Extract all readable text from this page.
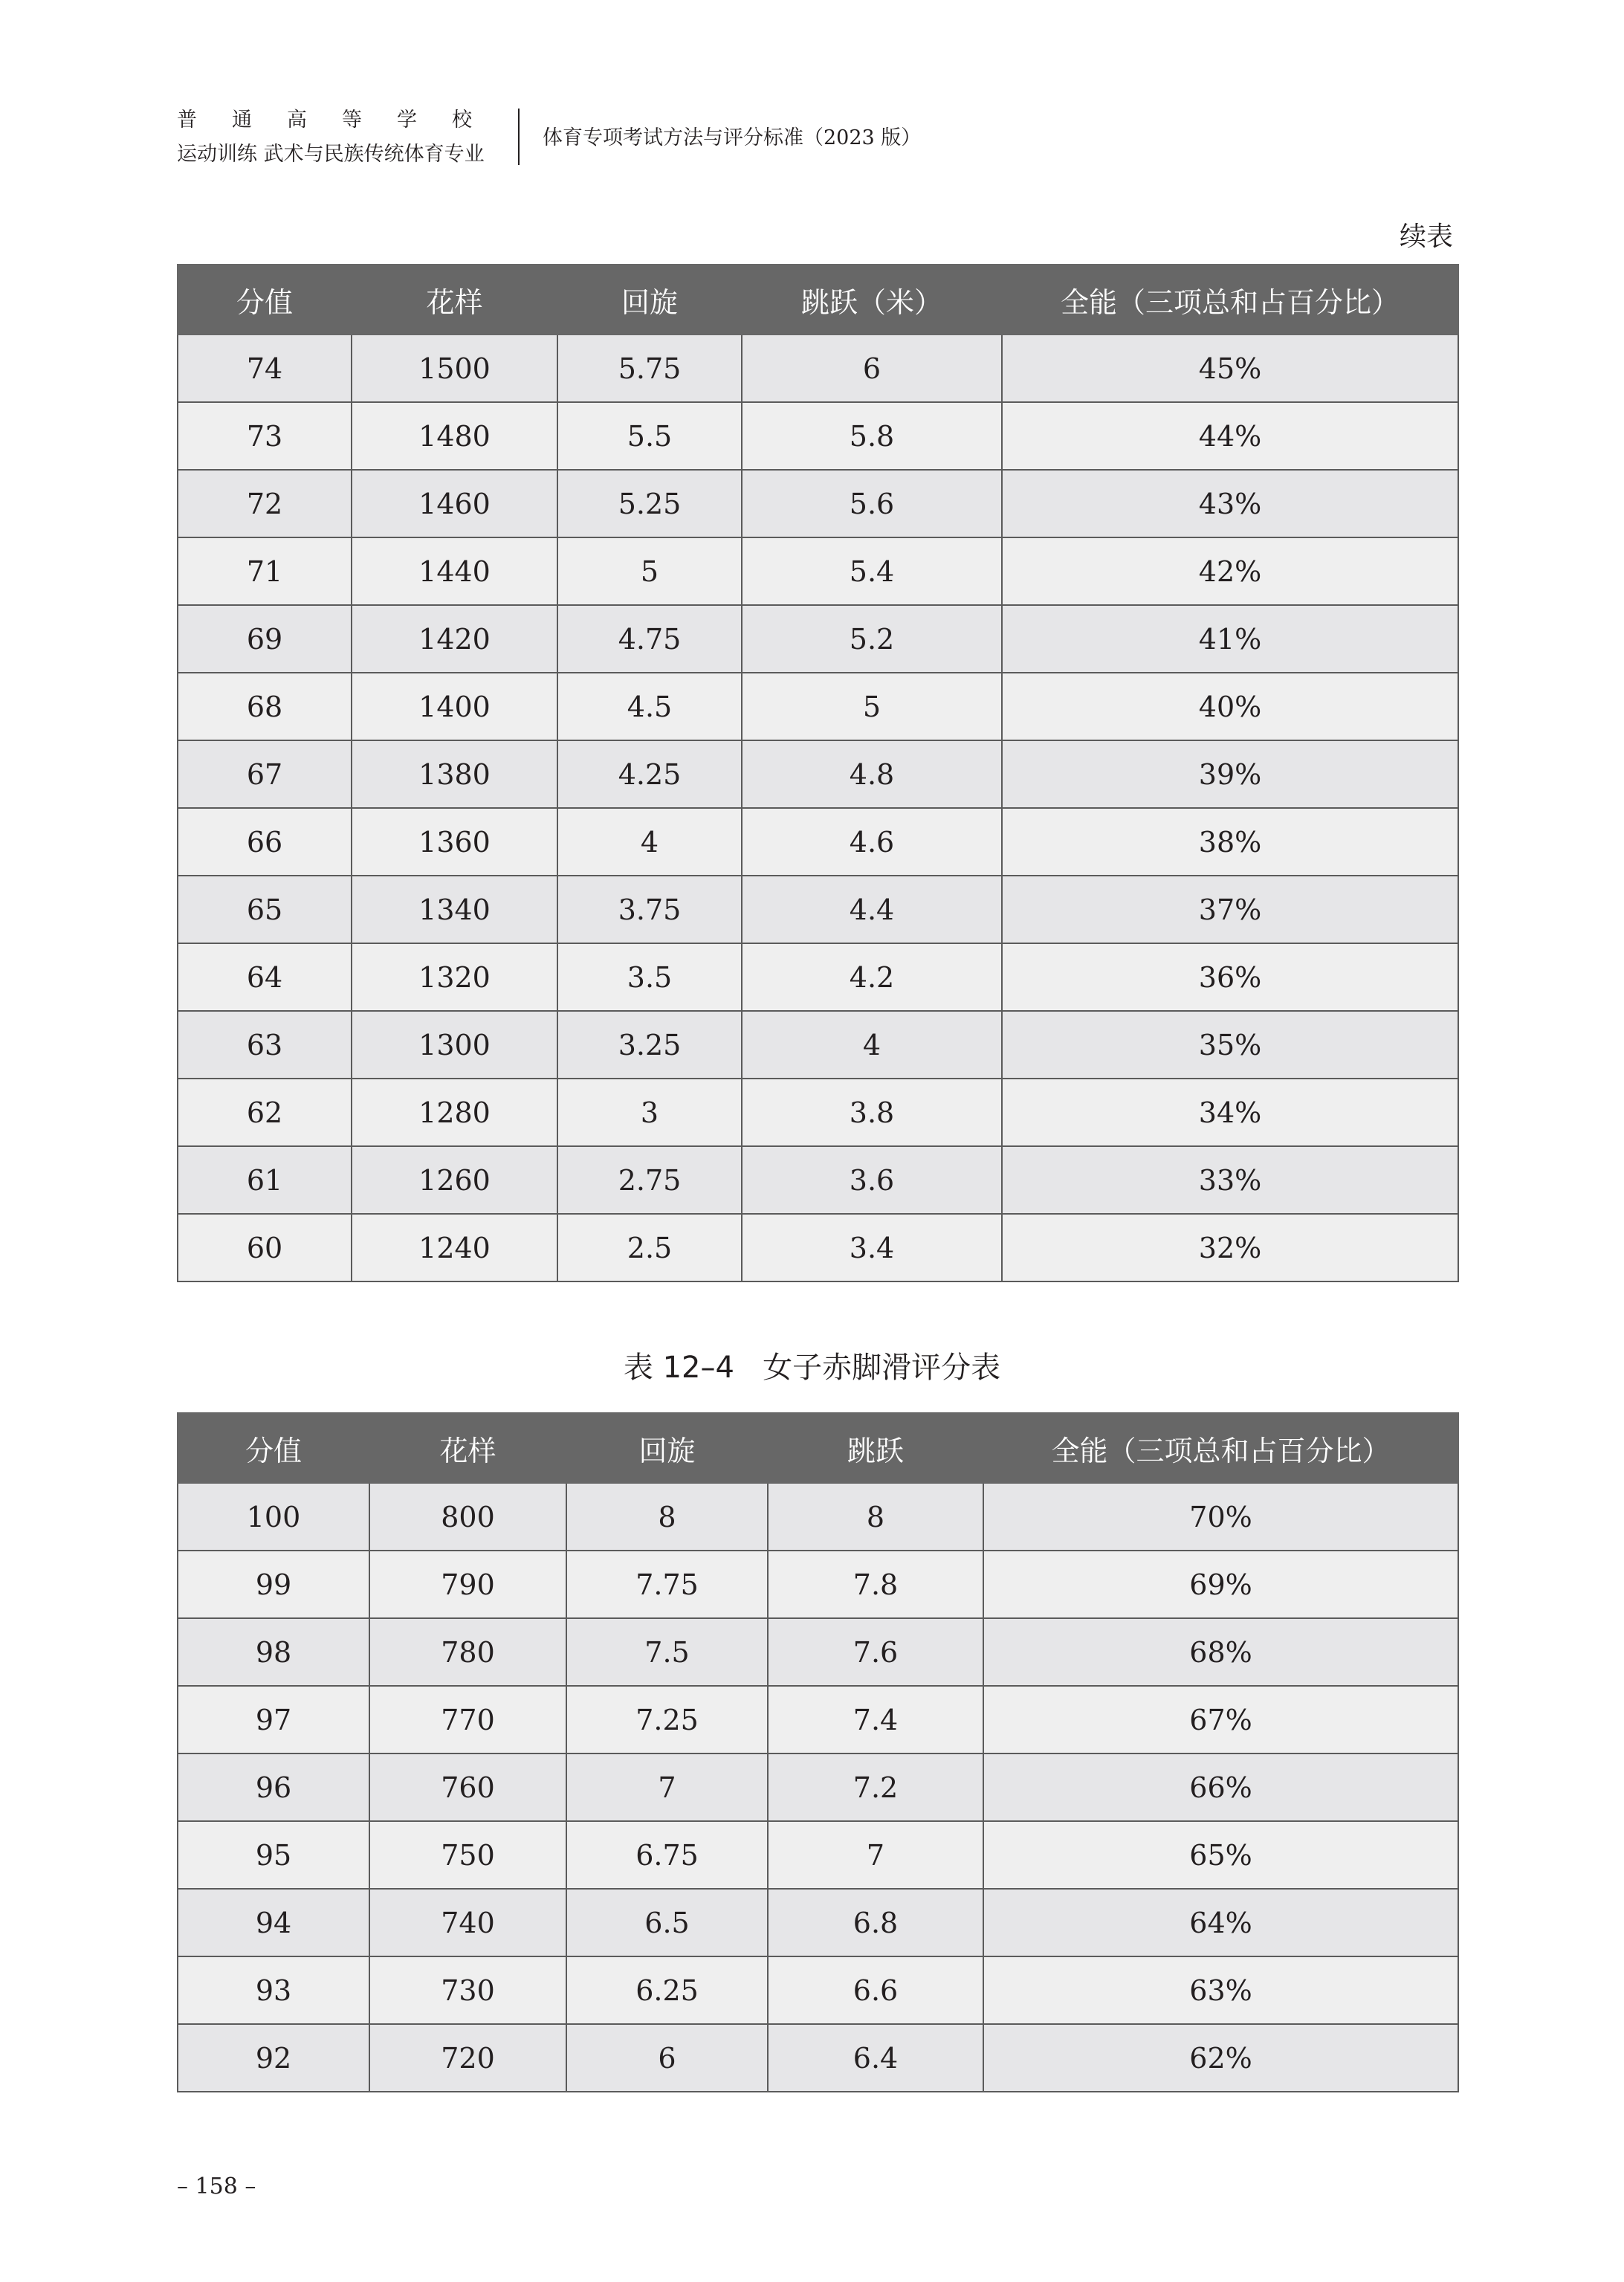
普通高等学校
运动训练 武术与民族传统体育专业
体育专项考试方法与评分标准（2023 版）
续表
分值	花样	回旋	跳跃（米）	全能（三项总和占百分比）
74	1500	5.75	6	45%
73	1480	5.5	5.8	44%
72	1460	5.25	5.6	43%
71	1440	5	5.4	42%
69	1420	4.75	5.2	41%
68	1400	4.5	5	40%
67	1380	4.25	4.8	39%
66	1360	4	4.6	38%
65	1340	3.75	4.4	37%
64	1320	3.5	4.2	36%
63	1300	3.25	4	35%
62	1280	3	3.8	34%
61	1260	2.75	3.6	33%
60	1240	2.5	3.4	32%
表 12–4 女子赤脚滑评分表
分值	花样	回旋	跳跃	全能（三项总和占百分比）
100	800	8	8	70%
99	790	7.75	7.8	69%
98	780	7.5	7.6	68%
97	770	7.25	7.4	67%
96	760	7	7.2	66%
95	750	6.75	7	65%
94	740	6.5	6.8	64%
93	730	6.25	6.6	63%
92	720	6	6.4	62%
– 158 –
